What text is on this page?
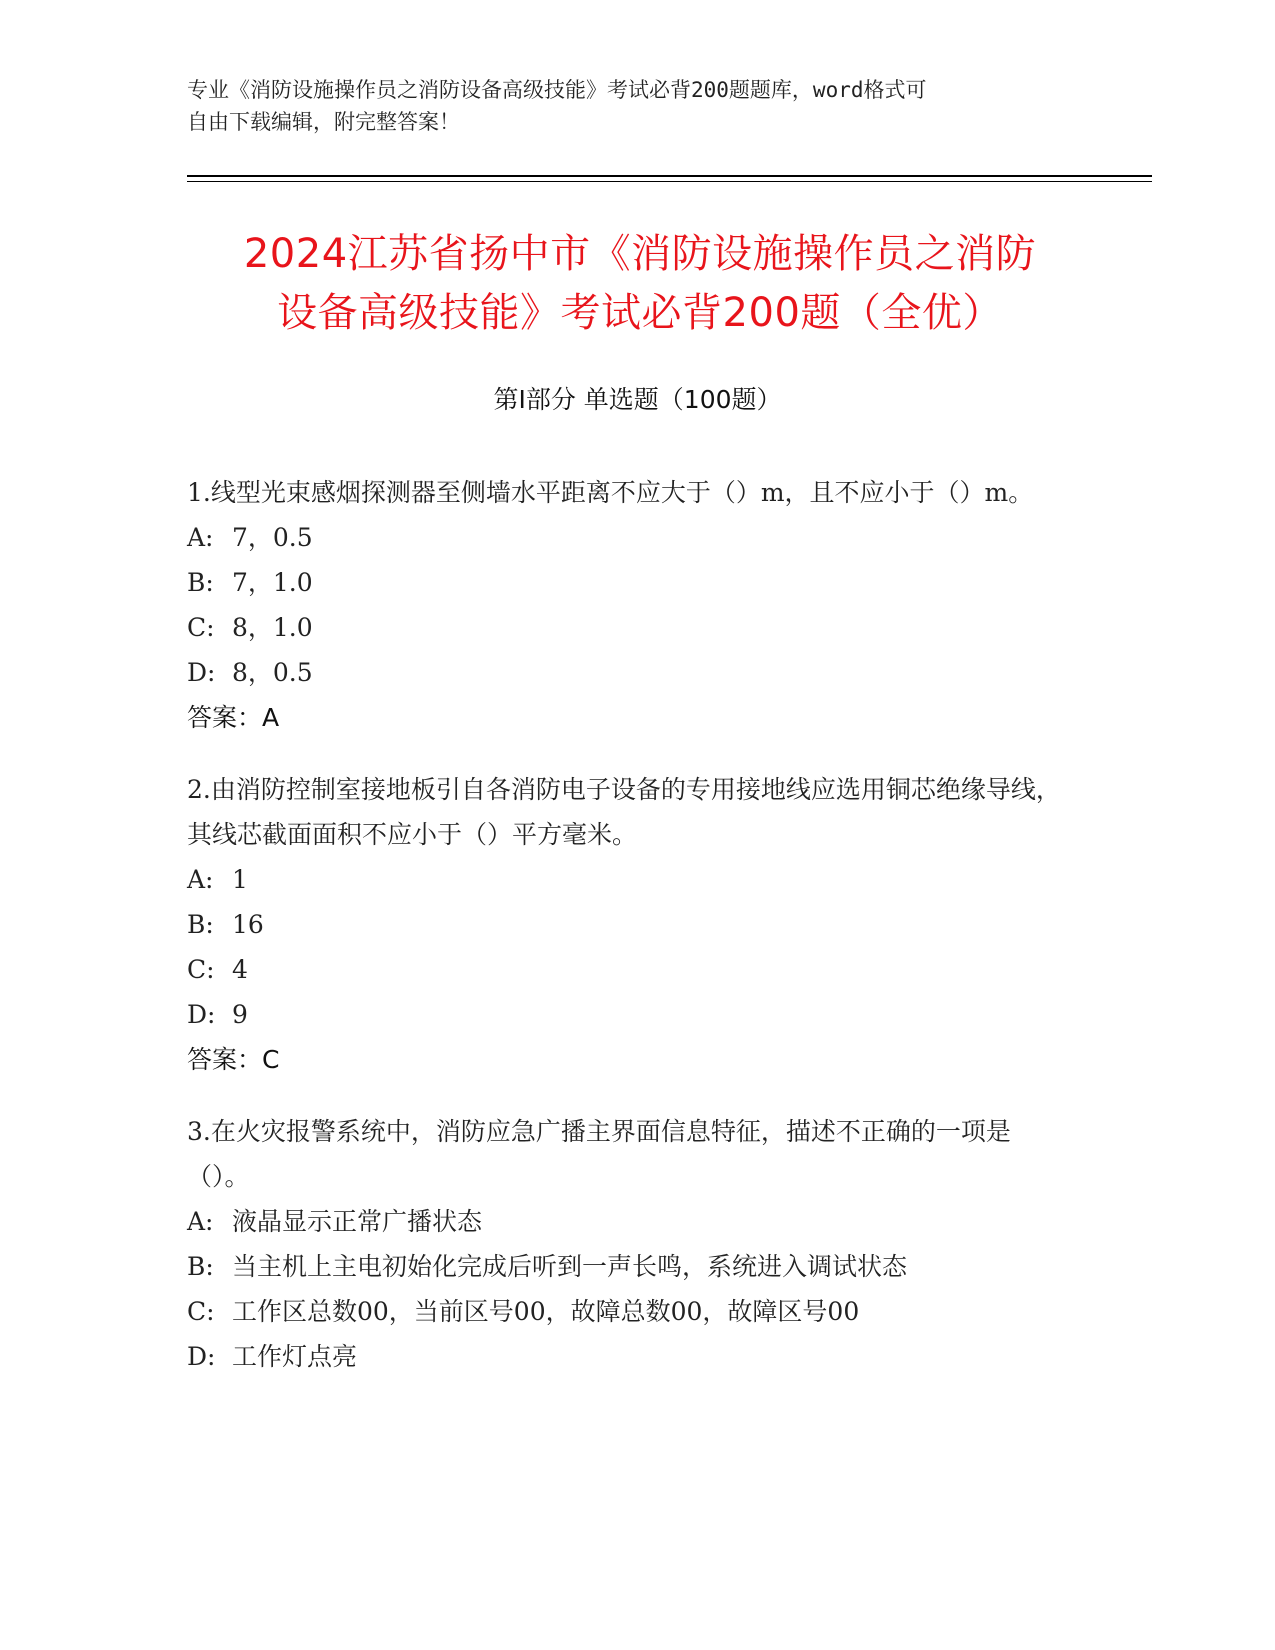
专业《消防设施操作员之消防设备高级技能》考试必背200题题库，word格式可
自由下载编辑，附完整答案！
2024江苏省扬中市《消防设施操作员之消防
设备高级技能》考试必背200题（全优）
第Ⅰ部分 单选题（100题）
1.线型光束感烟探测器至侧墙水平距离不应大于（）m，且不应小于（）m。
A: 7，0.5
B: 7，1.0
C: 8，1.0
D: 8，0.5
答案：A
2.由消防控制室接地板引自各消防电子设备的专用接地线应选用铜芯绝缘导线，其线芯截面面积不应小于（）平方毫米。
A: 1
B: 16
C: 4
D: 9
答案：C
3.在火灾报警系统中，消防应急广播主界面信息特征，描述不正确的一项是（）。
A: 液晶显示正常广播状态
B: 当主机上主电初始化完成后听到一声长鸣，系统进入调试状态
C: 工作区总数00，当前区号00，故障总数00，故障区号00
D: 工作灯点亮
